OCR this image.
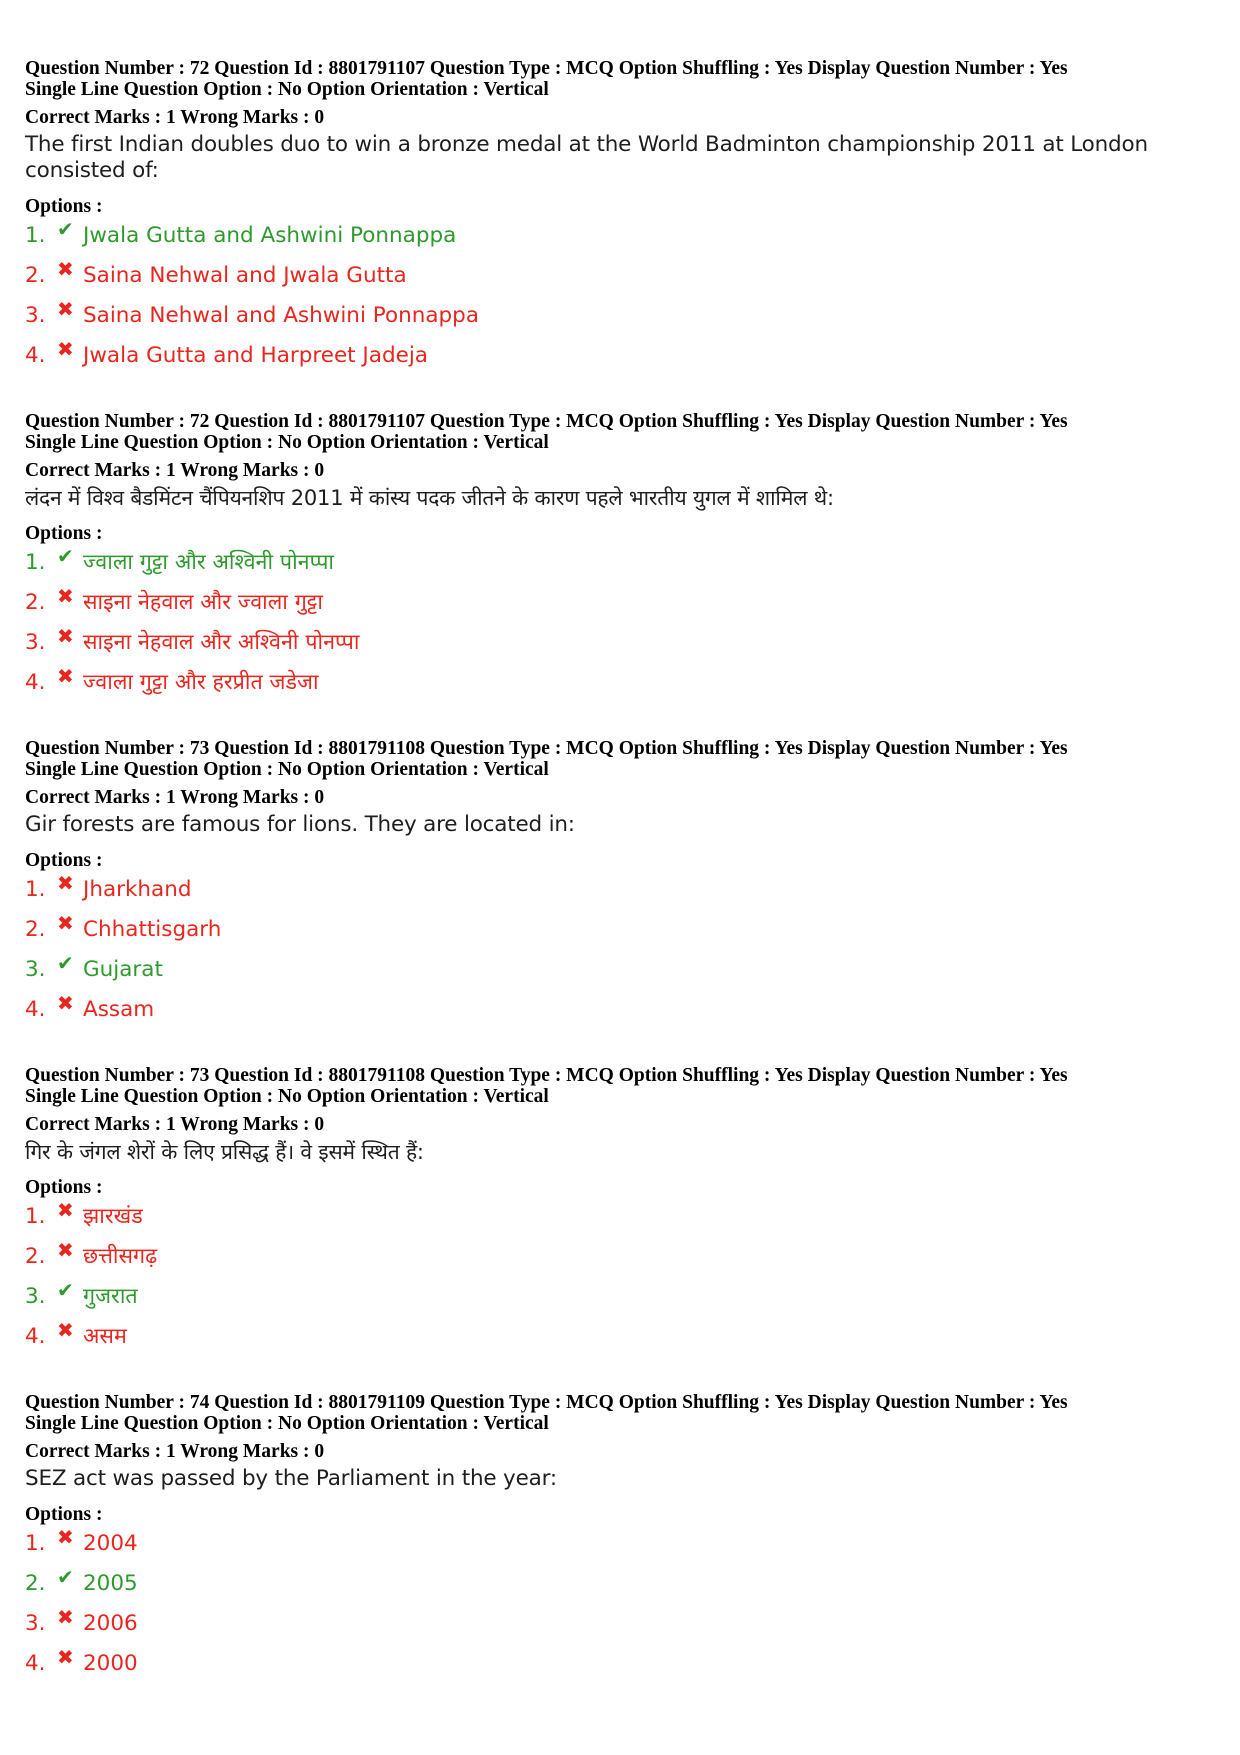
Question Number : 72 Question Id : 8801791107 Question Type : MCQ Option Shuffling : Yes Display Question Number : Yes
Single Line Question Option : No Option Orientation : Vertical
Correct Marks : 1 Wrong Marks : 0
The first Indian doubles duo to win a bronze medal at the World Badminton championship 2011 at London consisted of:
Options :
1. ✔ Jwala Gutta and Ashwini Ponnappa
2. ✖ Saina Nehwal and Jwala Gutta
3. ✖ Saina Nehwal and Ashwini Ponnappa
4. ✖ Jwala Gutta and Harpreet Jadeja
Question Number : 72 Question Id : 8801791107 Question Type : MCQ Option Shuffling : Yes Display Question Number : Yes
Single Line Question Option : No Option Orientation : Vertical
Correct Marks : 1 Wrong Marks : 0
लंदन में विश्व बैडमिंटन चैंपियनशिप 2011 में कांस्य पदक जीतने के कारण पहले भारतीय युगल में शामिल थे:
Options :
1. ✔ ज्वाला गुट्टा और अश्विनी पोनप्पा
2. ✖ साइना नेहवाल और ज्वाला गुट्टा
3. ✖ साइना नेहवाल और अश्विनी पोनप्पा
4. ✖ ज्वाला गुट्टा और हरप्रीत जडेजा
Question Number : 73 Question Id : 8801791108 Question Type : MCQ Option Shuffling : Yes Display Question Number : Yes
Single Line Question Option : No Option Orientation : Vertical
Correct Marks : 1 Wrong Marks : 0
Gir forests are famous for lions. They are located in:
Options :
1. ✖ Jharkhand
2. ✖ Chhattisgarh
3. ✔ Gujarat
4. ✖ Assam
Question Number : 73 Question Id : 8801791108 Question Type : MCQ Option Shuffling : Yes Display Question Number : Yes
Single Line Question Option : No Option Orientation : Vertical
Correct Marks : 1 Wrong Marks : 0
गिर के जंगल शेरों के लिए प्रसिद्ध हैं। वे इसमें स्थित हैं:
Options :
1. ✖ झारखंड
2. ✖ छत्तीसगढ़
3. ✔ गुजरात
4. ✖ असम
Question Number : 74 Question Id : 8801791109 Question Type : MCQ Option Shuffling : Yes Display Question Number : Yes
Single Line Question Option : No Option Orientation : Vertical
Correct Marks : 1 Wrong Marks : 0
SEZ act was passed by the Parliament in the year:
Options :
1. ✖ 2004
2. ✔ 2005
3. ✖ 2006
4. ✖ 2000
